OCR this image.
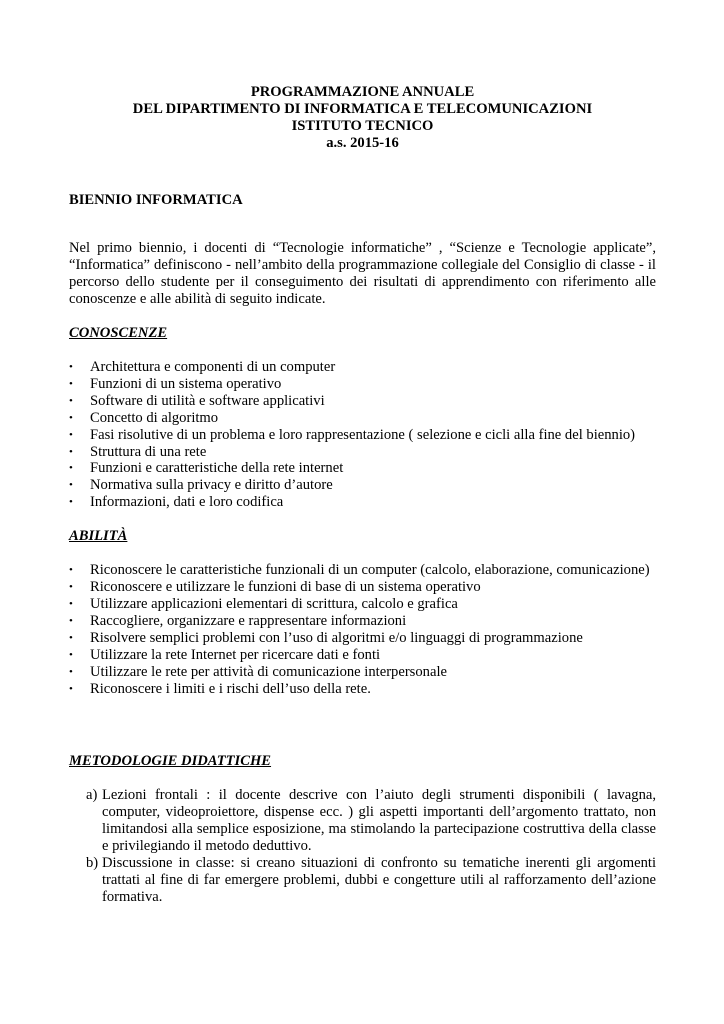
PROGRAMMAZIONE ANNUALE
DEL DIPARTIMENTO DI INFORMATICA E TELECOMUNICAZIONI
ISTITUTO TECNICO
a.s. 2015-16
BIENNIO INFORMATICA
Nel primo biennio, i docenti di “Tecnologie informatiche” , “Scienze e Tecnologie applicate”, “Informatica” definiscono - nell’ambito della programmazione collegiale del Consiglio di classe - il percorso dello studente per il conseguimento dei risultati di apprendimento con riferimento alle conoscenze e alle abilità di seguito indicate.
CONOSCENZE
• Architettura e componenti di un computer
• Funzioni di un sistema operativo
• Software di utilità e software applicativi
• Concetto di algoritmo
• Fasi risolutive di un problema e loro rappresentazione ( selezione e cicli alla fine del biennio)
• Struttura di una rete
• Funzioni e caratteristiche della rete internet
• Normativa sulla privacy e diritto d’autore
• Informazioni, dati e loro codifica
ABILITÀ
• Riconoscere le caratteristiche funzionali di un computer (calcolo, elaborazione, comunicazione)
• Riconoscere e utilizzare le funzioni di base di un sistema operativo
• Utilizzare applicazioni elementari di scrittura, calcolo e grafica
• Raccogliere, organizzare e rappresentare informazioni
• Risolvere semplici problemi con l’uso di algoritmi e/o linguaggi di programmazione
• Utilizzare la rete Internet per ricercare dati e fonti
• Utilizzare le rete per attività di comunicazione interpersonale
• Riconoscere i limiti e i rischi dell’uso della rete.
METODOLOGIE DIDATTICHE
a) Lezioni frontali : il docente descrive con l’aiuto degli strumenti disponibili ( lavagna, computer, videoproiettore, dispense ecc. ) gli aspetti importanti dell’argomento trattato, non limitandosi alla semplice esposizione, ma stimolando la partecipazione costruttiva della classe e privilegiando il metodo deduttivo.
b) Discussione in classe: si creano situazioni di confronto su tematiche inerenti gli argomenti trattati al fine di far emergere problemi, dubbi e congetture utili al rafforzamento dell’azione formativa.
